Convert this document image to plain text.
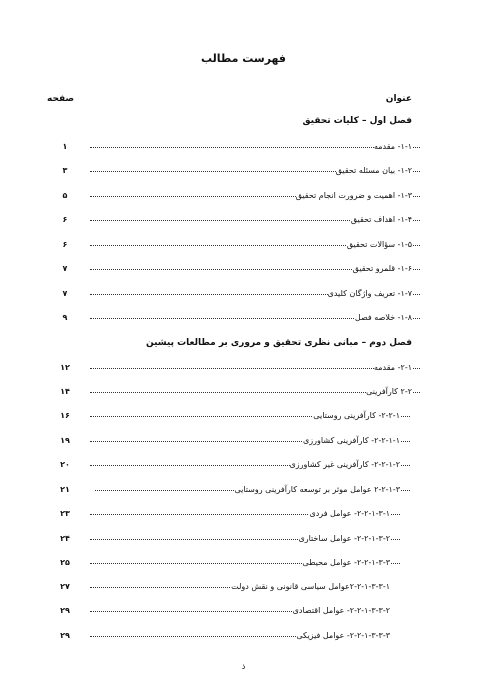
فهرست مطالب
عنوان
صفحه
فصل اول – کلیات تحقیق
۱	۱-۱- مقدمه
۳	۱-۲- بیان مسئله تحقیق
۵	۱-۳- اهمیت و ضرورت انجام تحقیق
۶	۱-۴- اهداف تحقیق
۶	۱-۵- سؤالات تحقیق
۷	۱-۶- قلمرو تحقیق
۷	۱-۷- تعریف واژگان کلیدی
۹	۱-۸- خلاصه فصل
فصل دوم – مبانی نظری تحقیق و مروری بر مطالعات پیشین
۱۲	۲-۱- مقدمه
۱۴	۲-۲ کارآفرینی
۱۶	۲-۲-۱- کارآفرینی روستایی
۱۹	۲-۲-۱-۱- کارآفرینی کشاورزی
۲۰	۲-۲-۱-۲- کارآفرینی غیر کشاورزی
۲۱	۲-۲-۱-۳ عوامل موثر بر توسعه کارآفرینی روستایی
۲۳	۲-۲-۱-۳-۱- عوامل فردی
۲۴	۲-۲-۱-۳-۲- عوامل ساختاری
۲۵	۲-۲-۱-۳-۳- عوامل محیطی
۲۷	۲-۲-۱-۳-۳-۱عوامل سیاسی قانونی و نقش دولت
۲۹	۲-۲-۱-۳-۳-۲- عوامل اقتصادی
۲۹	۲-۲-۱-۳-۳-۳- عوامل فیزیکی
ذ
